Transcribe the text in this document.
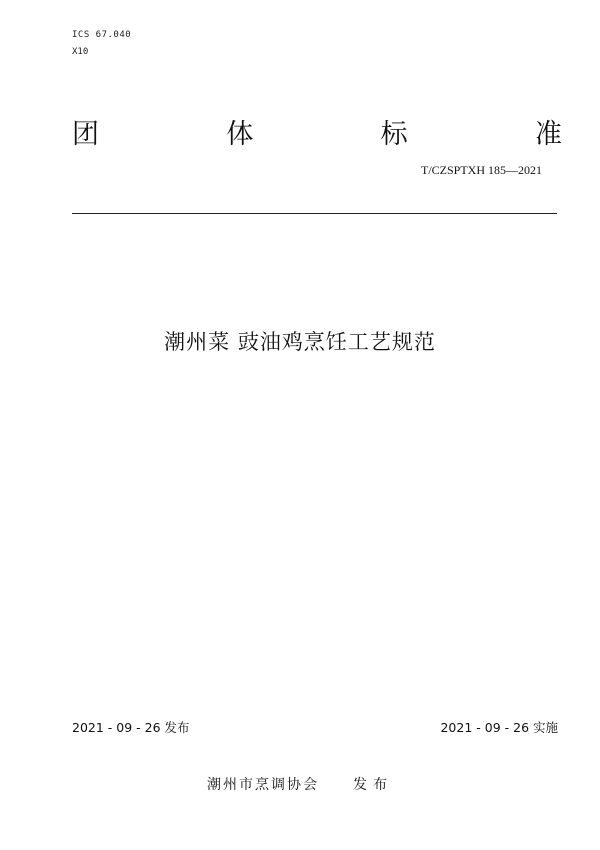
ICS 67.040
X10
团	体	标	准
T/CZSPTXH 185—2021
潮州菜 豉油鸡烹饪工艺规范
2021 - 09 - 26 发布	2021 - 09 - 26 实施
潮州市烹调协会 发布
